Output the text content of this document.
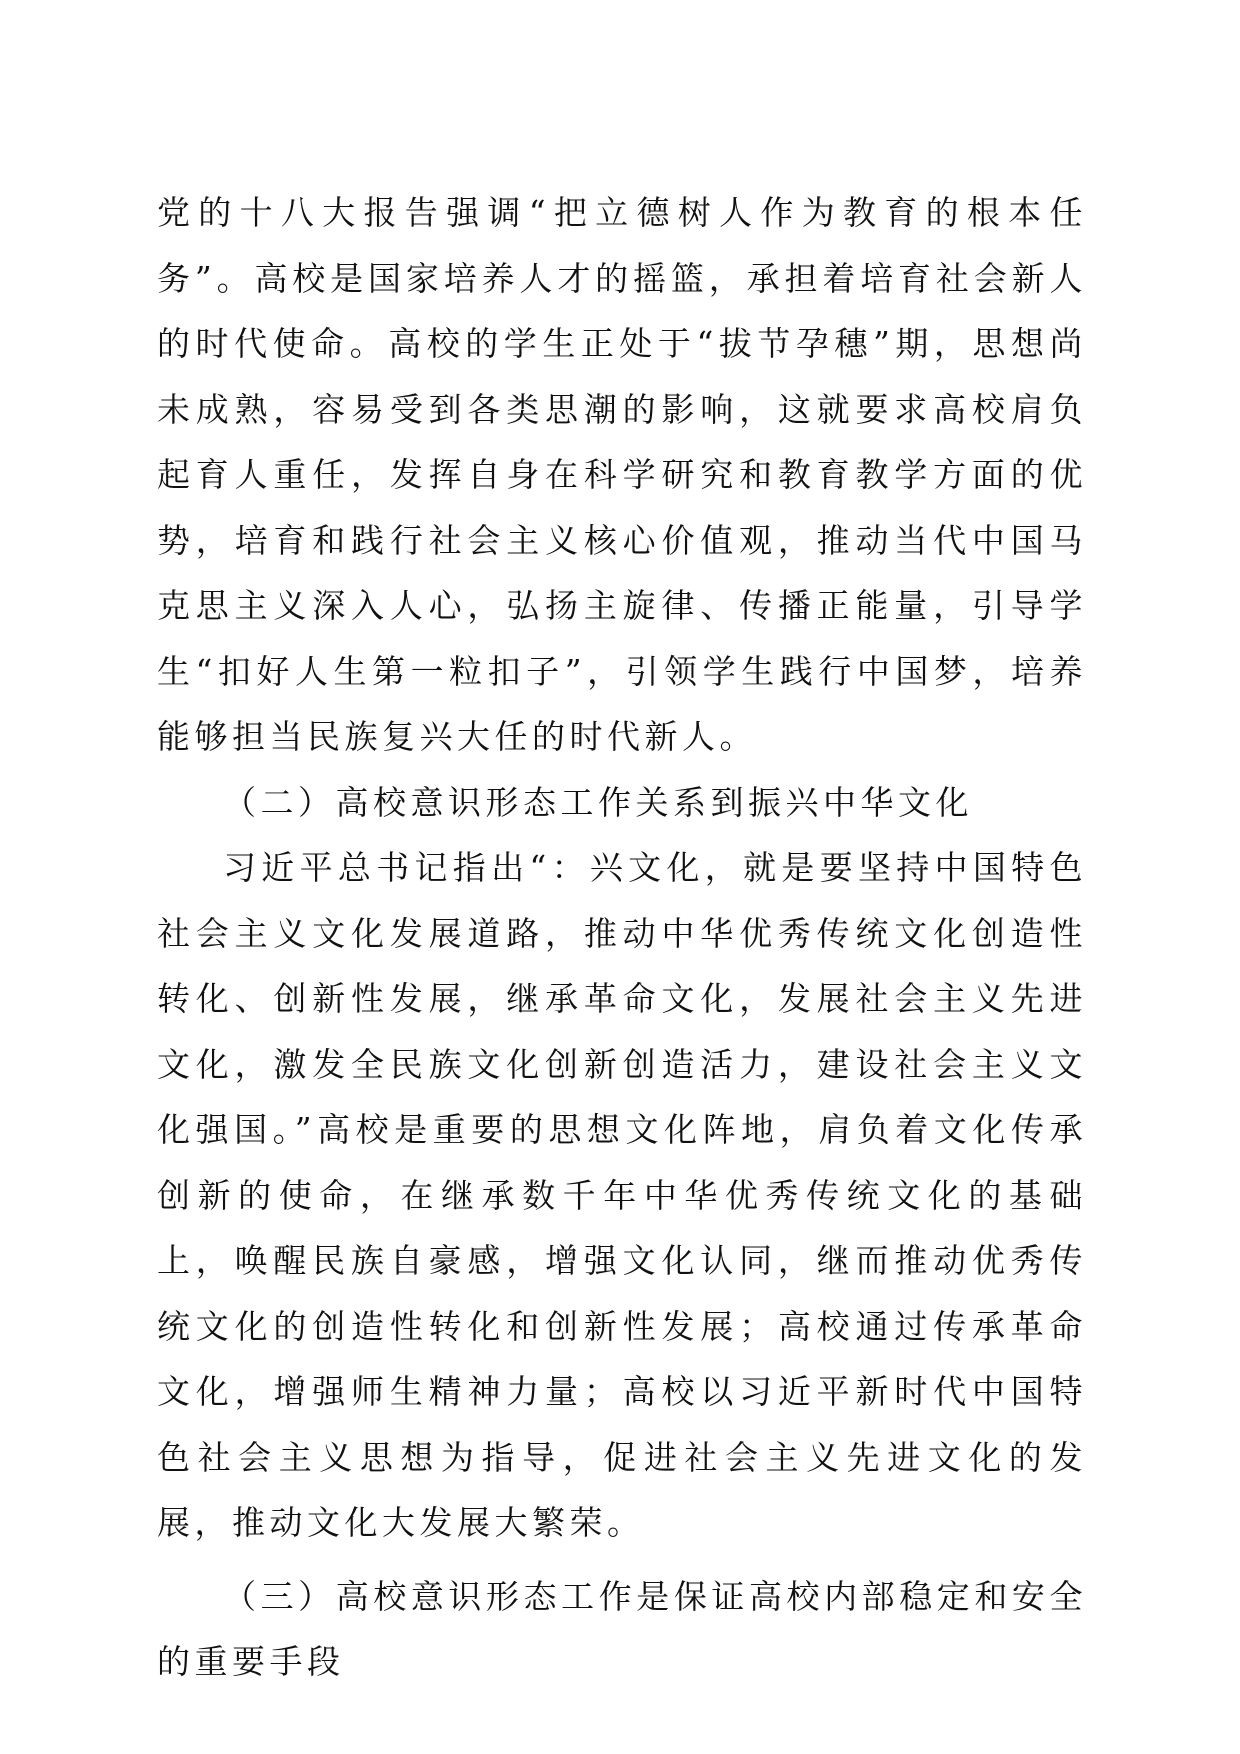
党的十八大报告强调“把立德树人作为教育的根本任务”。高校是国家培养人才的摇篮，承担着培育社会新人的时代使命。高校的学生正处于“拔节孕穗”期，思想尚未成熟，容易受到各类思潮的影响，这就要求高校肩负起育人重任，发挥自身在科学研究和教育教学方面的优势，培育和践行社会主义核心价值观，推动当代中国马克思主义深入人心，弘扬主旋律、传播正能量，引导学生“扣好人生第一粒扣子”，引领学生践行中国梦，培养能够担当民族复兴大任的时代新人。

（二）高校意识形态工作关系到振兴中华文化

习近平总书记指出“：兴文化，就是要坚持中国特色社会主义文化发展道路，推动中华优秀传统文化创造性转化、创新性发展，继承革命文化，发展社会主义先进文化，激发全民族文化创新创造活力，建设社会主义文化强国。”高校是重要的思想文化阵地，肩负着文化传承创新的使命，在继承数千年中华优秀传统文化的基础上，唤醒民族自豪感，增强文化认同，继而推动优秀传统文化的创造性转化和创新性发展；高校通过传承革命文化，增强师生精神力量；高校以习近平新时代中国特色社会主义思想为指导，促进社会主义先进文化的发展，推动文化大发展大繁荣。

（三）高校意识形态工作是保证高校内部稳定和安全的重要手段
